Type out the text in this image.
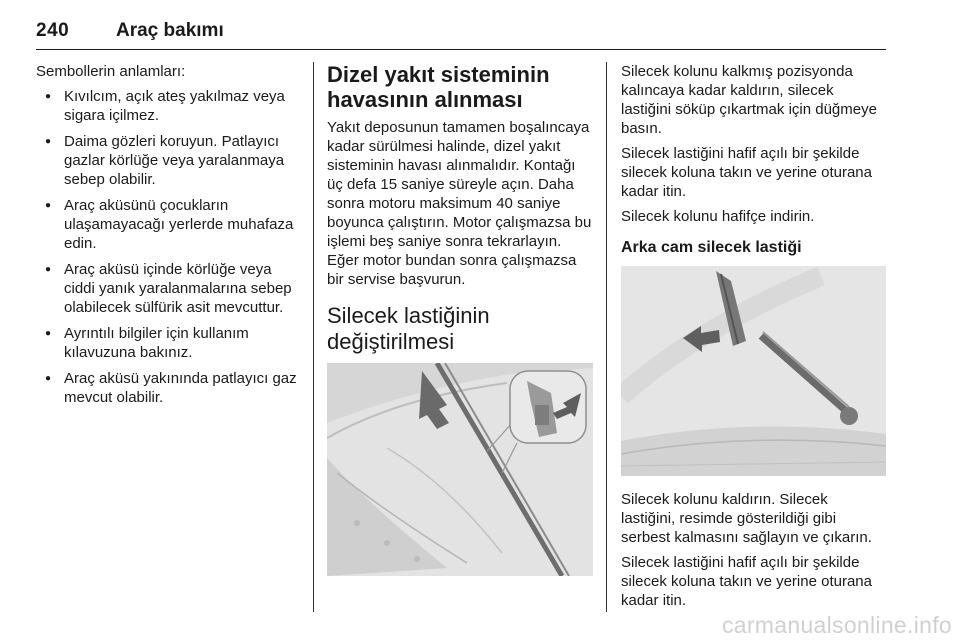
240 Araç bakımı

Sembollerin anlamları:

● Kıvılcım, açık ateş yakılmaz veya sigara içilmez.
● Daima gözleri koruyun. Patlayıcı gazlar körlüğe veya yaralanmaya sebep olabilir.
● Araç aküsünü çocukların ulaşamayacağı yerlerde muhafaza edin.
● Araç aküsü içinde körlüğe veya ciddi yanık yaralanmalarına sebep olabilecek sülfürik asit mevcuttur.
● Ayrıntılı bilgiler için kullanım kılavuzuna bakınız.
● Araç aküsü yakınında patlayıcı gaz mevcut olabilir.
Dizel yakıt sisteminin havasının alınması

Yakıt deposunun tamamen boşalıncaya kadar sürülmesi halinde, dizel yakıt sisteminin havası alınmalıdır. Kontağı üç defa 15 saniye süreyle açın. Daha sonra motoru maksimum 40 saniye boyunca çalıştırın. Motor çalışmazsa bu işlemi beş saniye sonra tekrarlayın. Eğer motor bundan sonra çalışmazsa bir servise başvurun.

Silecek lastiğinin değiştirilmesi

Silecek kolunu kalkmış pozisyonda kalıncaya kadar kaldırın, silecek lastiğini söküp çıkartmak için düğmeye basın.

Silecek lastiğini hafif açılı bir şekilde silecek koluna takın ve yerine oturana kadar itin.

Silecek kolunu hafifçe indirin.

Arka cam silecek lastiği

Silecek kolunu kaldırın. Silecek lastiğini, resimde gösterildiği gibi serbest kalmasını sağlayın ve çıkarın.

Silecek lastiğini hafif açılı bir şekilde silecek koluna takın ve yerine oturana kadar itin.

carmanualsonline.info
